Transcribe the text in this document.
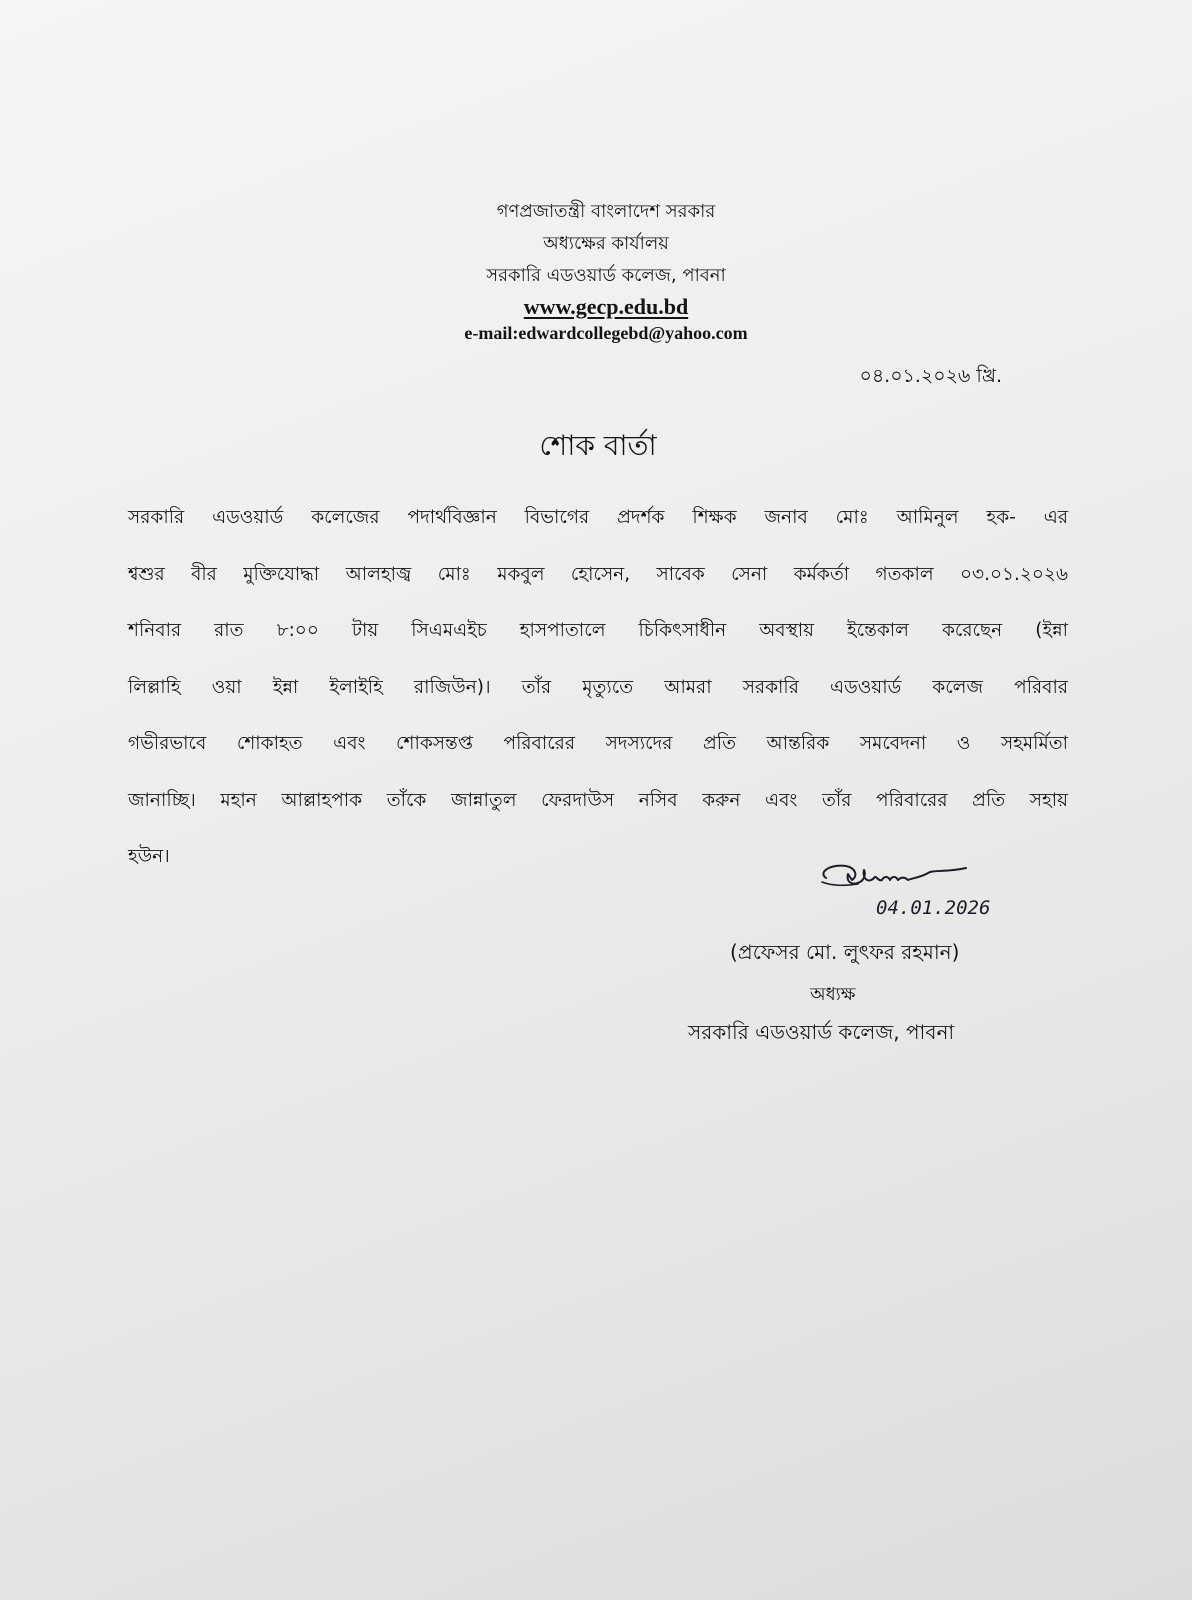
গণপ্রজাতন্ত্রী বাংলাদেশ সরকার
অধ্যক্ষের কার্যালয়
সরকারি এডওয়ার্ড কলেজ, পাবনা
www.gecp.edu.bd
e-mail:edwardcollegebd@yahoo.com
০৪.০১.২০২৬ খ্রি.
শোক বার্তা
সরকারি এডওয়ার্ড কলেজের পদার্থবিজ্ঞান বিভাগের প্রদর্শক শিক্ষক জনাব মোঃ আমিনুল হক- এর
শ্বশুর বীর মুক্তিযোদ্ধা আলহাজ্ব মোঃ মকবুল হোসেন, সাবেক সেনা কর্মকর্তা গতকাল ০৩.০১.২০২৬
শনিবার রাত ৮:০০ টায় সিএমএইচ হাসপাতালে চিকিৎসাধীন অবস্থায় ইন্তেকাল করেছেন (ইন্না
লিল্লাহি ওয়া ইন্না ইলাইহি রাজিউন)। তাঁর মৃত্যুতে আমরা সরকারি এডওয়ার্ড কলেজ পরিবার
গভীরভাবে শোকাহত এবং শোকসন্তপ্ত পরিবারের সদস্যদের প্রতি আন্তরিক সমবেদনা ও সহমর্মিতা
জানাচ্ছি। মহান আল্লাহপাক তাঁকে জান্নাতুল ফেরদাউস নসিব করুন এবং তাঁর পরিবারের প্রতি সহায়
হউন।
04.01.2026
(প্রফেসর মো. লুৎফর রহমান)
অধ্যক্ষ
সরকারি এডওয়ার্ড কলেজ, পাবনা
